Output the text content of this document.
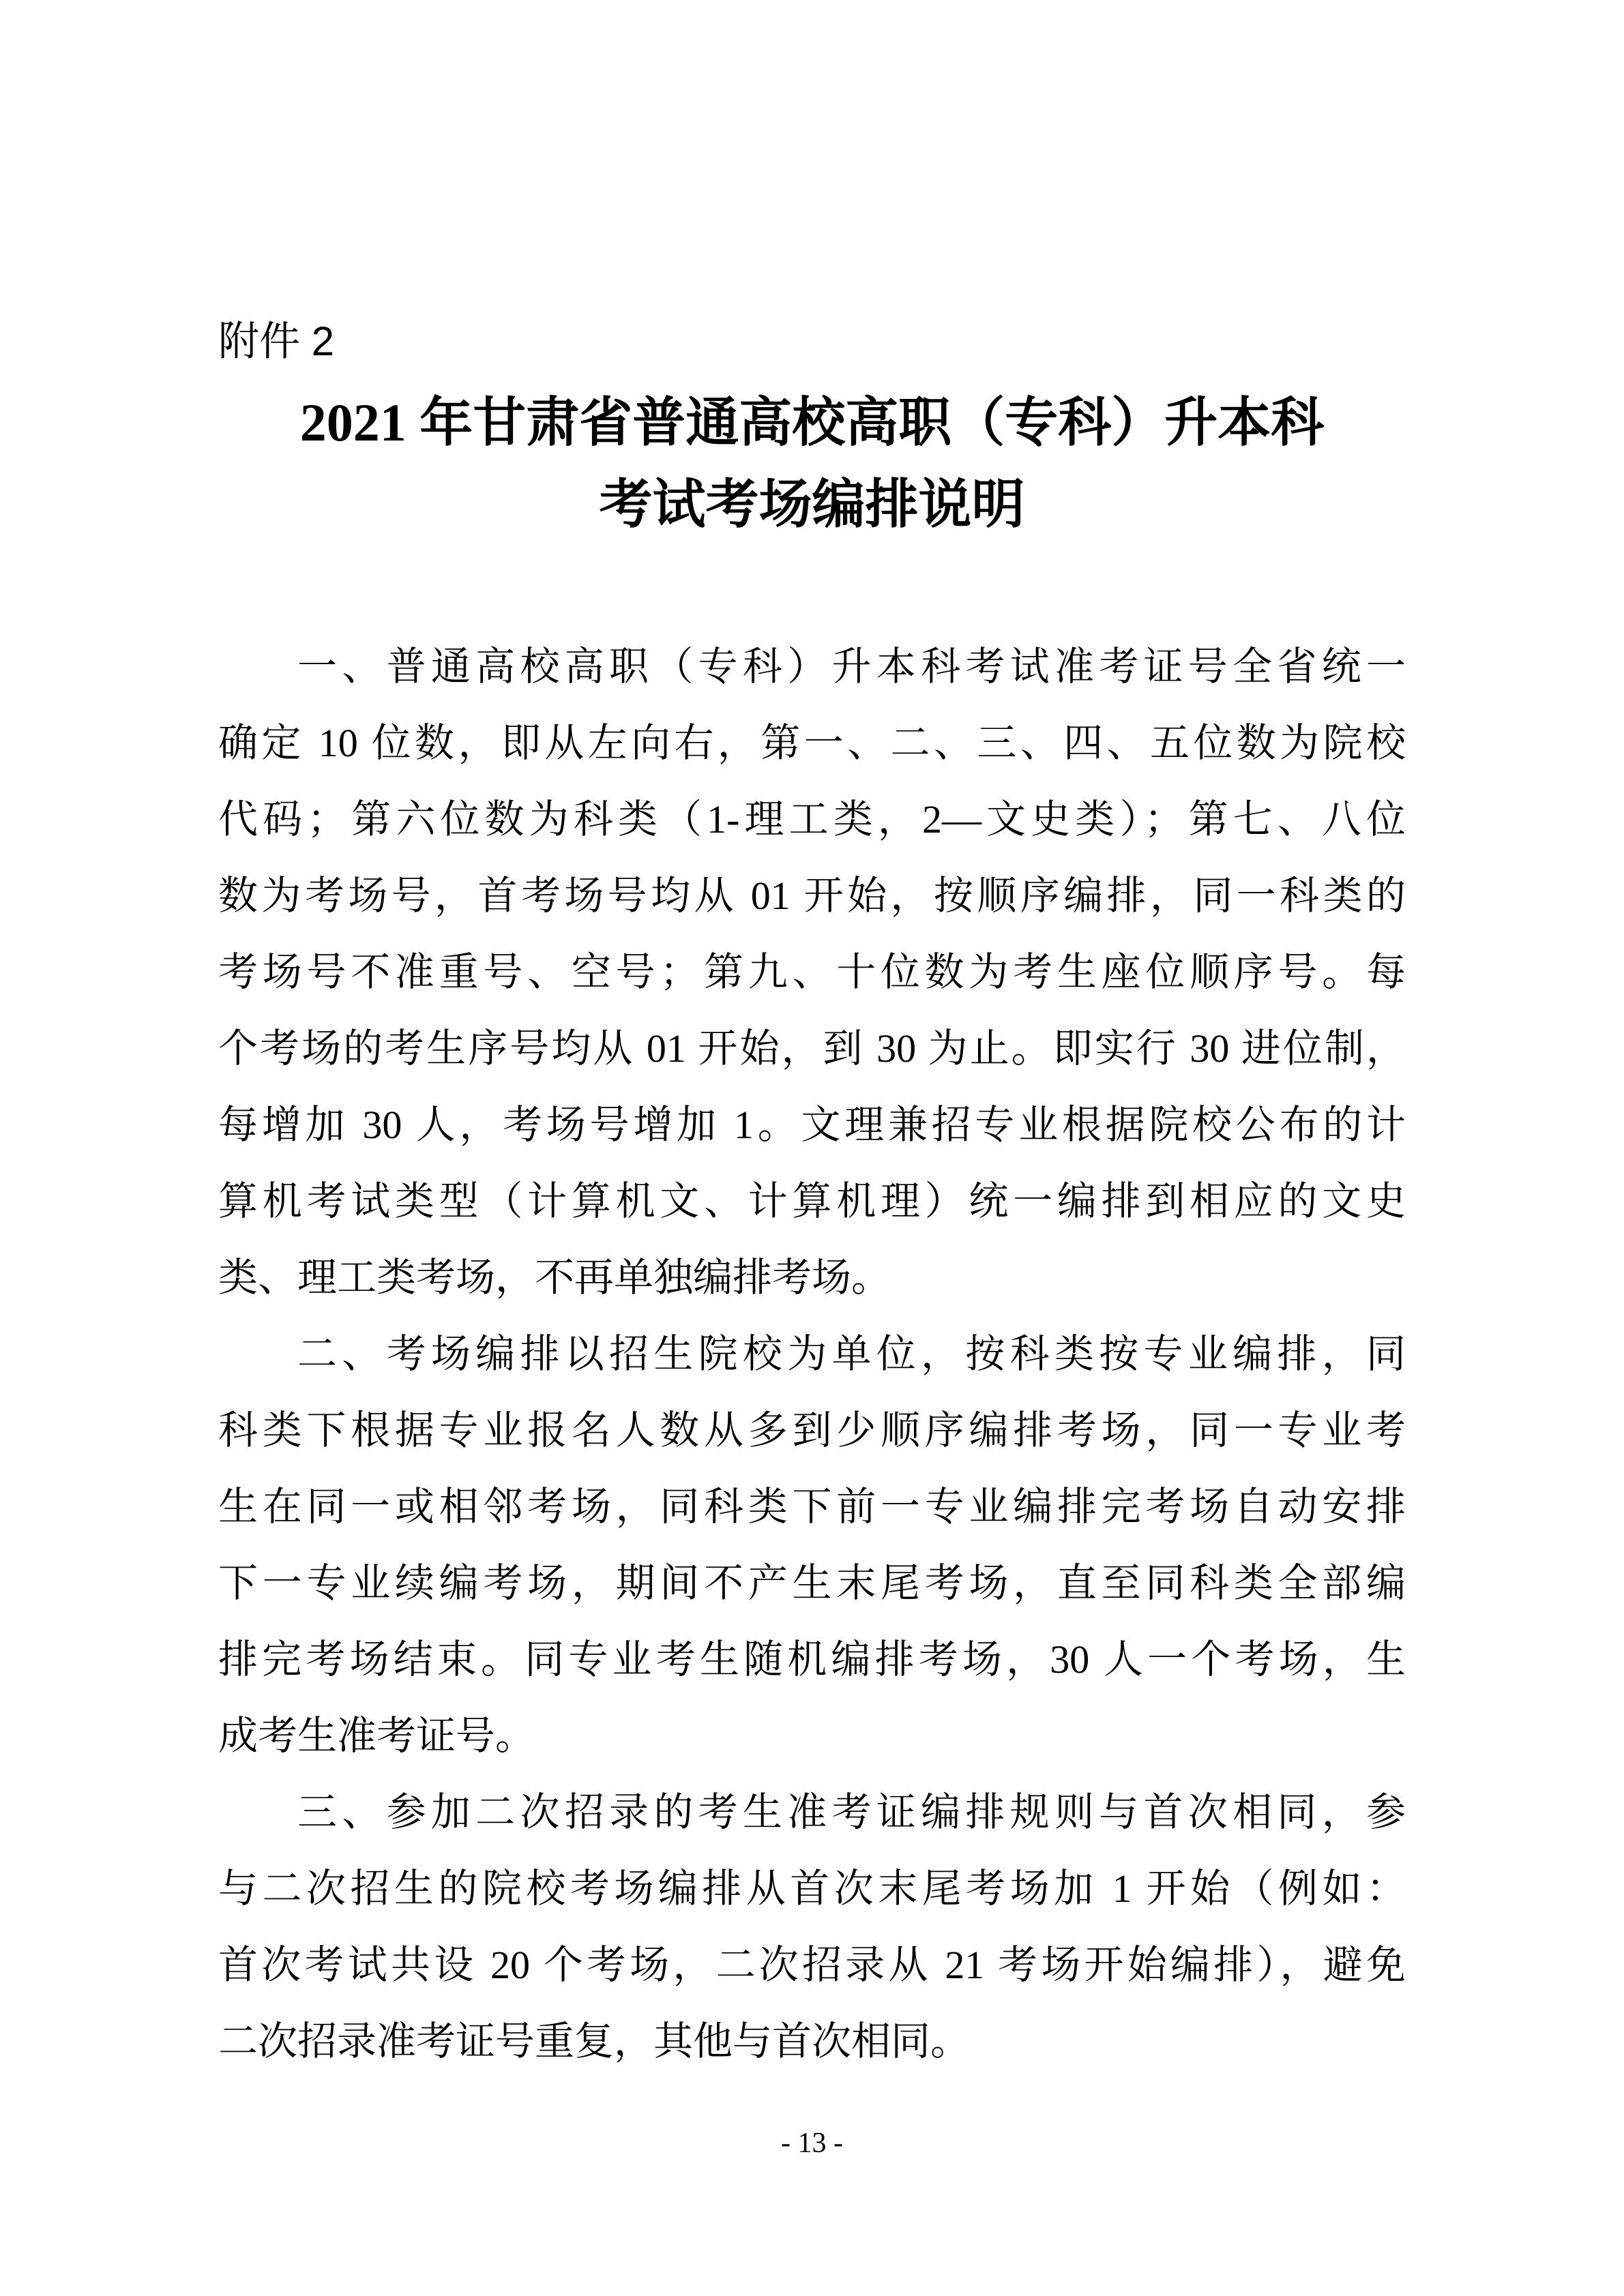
附件 2
2021 年甘肃省普通高校高职（专科）升本科
考试考场编排说明
一、普通高校高职（专科）升本科考试准考证号全省统一
确定 10 位数，即从左向右，第一、二、三、四、五位数为院校
代码；第六位数为科类（1-理工类，2—文史类）；第七、八位
数为考场号，首考场号均从 01 开始，按顺序编排，同一科类的
考场号不准重号、空号；第九、十位数为考生座位顺序号。每
个考场的考生序号均从 01 开始，到 30 为止。即实行 30 进位制，
每增加 30 人，考场号增加 1。文理兼招专业根据院校公布的计
算机考试类型（计算机文、计算机理）统一编排到相应的文史
类、理工类考场，不再单独编排考场。
二、考场编排以招生院校为单位，按科类按专业编排，同
科类下根据专业报名人数从多到少顺序编排考场，同一专业考
生在同一或相邻考场，同科类下前一专业编排完考场自动安排
下一专业续编考场，期间不产生末尾考场，直至同科类全部编
排完考场结束。同专业考生随机编排考场，30 人一个考场，生
成考生准考证号。
三、参加二次招录的考生准考证编排规则与首次相同，参
与二次招生的院校考场编排从首次末尾考场加 1 开始（例如：
首次考试共设 20 个考场，二次招录从 21 考场开始编排），避免
二次招录准考证号重复，其他与首次相同。
- 13 -
